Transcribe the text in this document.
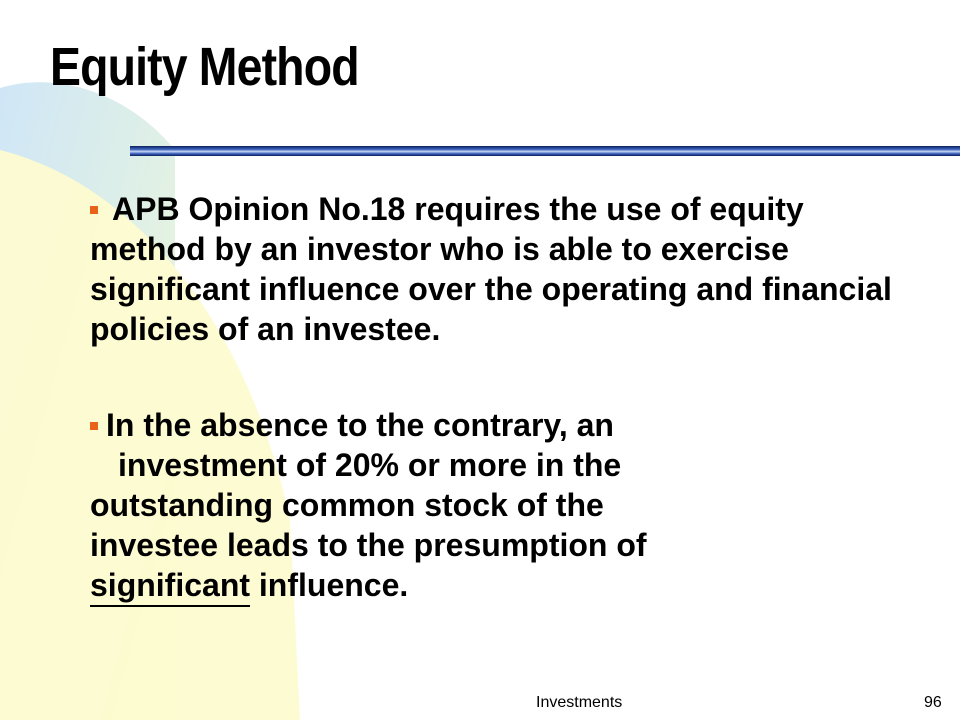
Equity Method

APB Opinion No.18 requires the use of equity method by an investor who is able to exercise significant influence over the operating and financial policies of an investee.

In the absence to the contrary, an
investment of 20% or more in the
outstanding common stock of the
investee leads to the presumption of
significant influence.
Investments	96
